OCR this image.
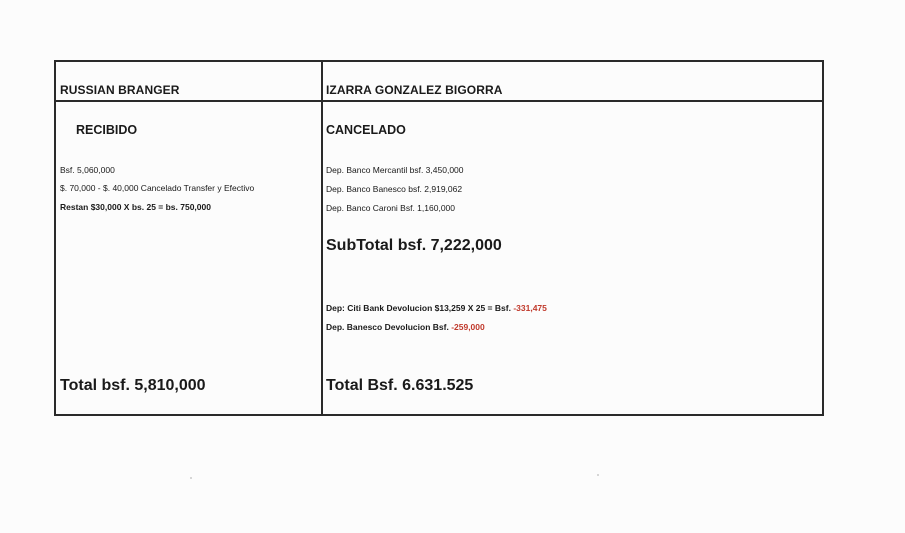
RUSSIAN BRANGER
RECIBIDO
Bsf. 5,060,000
$. 70,000 - $. 40,000 Cancelado Transfer y Efectivo
Restan $30,000 X bs. 25 = bs. 750,000
Total bsf. 5,810,000
IZARRA GONZALEZ BIGORRA
CANCELADO
Dep. Banco Mercantil bsf. 3,450,000
Dep. Banco Banesco bsf. 2,919,062
Dep. Banco Caroni Bsf. 1,160,000
SubTotal bsf. 7,222,000
Dep: Citi Bank Devolucion $13,259 X 25 = Bsf. -331,475
Dep. Banesco Devolucion Bsf. -259,000
Total Bsf. 6.631.525
